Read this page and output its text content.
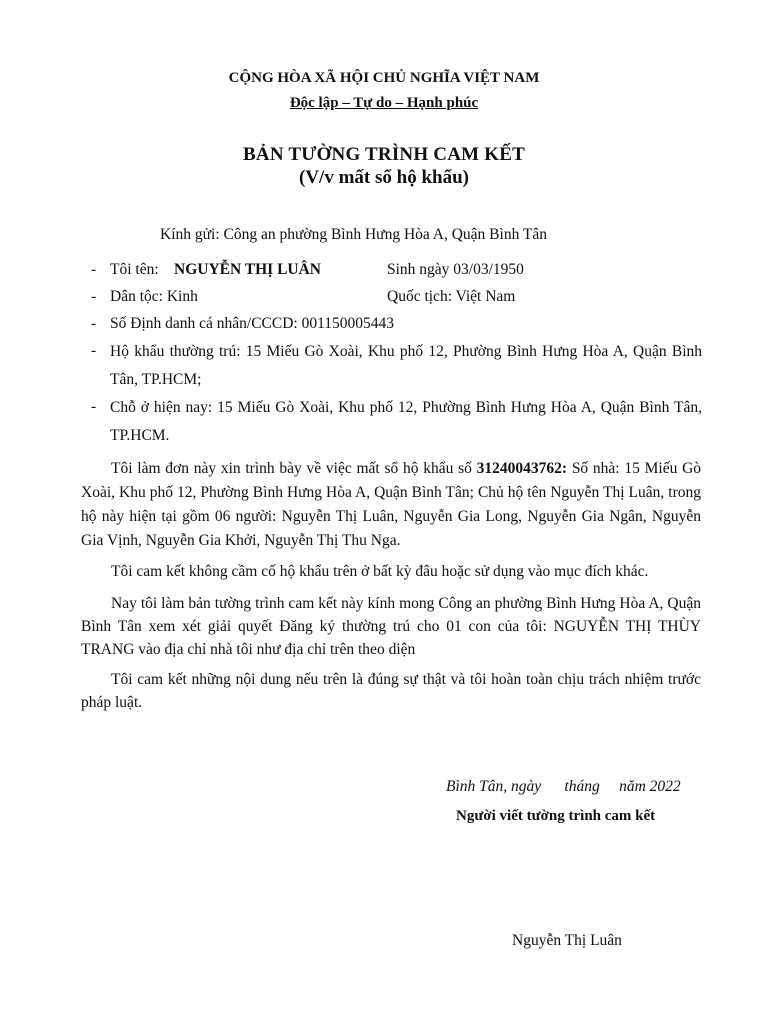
CỘNG HÒA XÃ HỘI CHỦ NGHĨA VIỆT NAM
Độc lập – Tự do – Hạnh phúc
BẢN TƯỜNG TRÌNH CAM KẾT
(V/v mất sổ hộ khẩu)
Kính gửi: Công an phường Bình Hưng Hòa A, Quận Bình Tân
- Tôi tên: NGUYỄN THỊ LUÂN	Sinh ngày 03/03/1950
- Dân tộc: Kinh	Quốc tịch: Việt Nam
- Số Định danh cá nhân/CCCD: 001150005443
- Hộ khẩu thường trú: 15 Miếu Gò Xoài, Khu phố 12, Phường Bình Hưng Hòa A, Quận Bình Tân, TP.HCM;
- Chỗ ở hiện nay: 15 Miếu Gò Xoài, Khu phố 12, Phường Bình Hưng Hòa A, Quận Bình Tân, TP.HCM.
Tôi làm đơn này xin trình bày về việc mất sổ hộ khẩu số 31240043762: Số nhà: 15 Miếu Gò Xoài, Khu phố 12, Phường Bình Hưng Hòa A, Quận Bình Tân; Chủ hộ tên Nguyễn Thị Luân, trong hộ này hiện tại gồm 06 người: Nguyễn Thị Luân, Nguyễn Gia Long, Nguyễn Gia Ngân, Nguyễn Gia Vịnh, Nguyễn Gia Khởi, Nguyễn Thị Thu Nga.
Tôi cam kết không cầm cố hộ khẩu trên ở bất kỳ đâu hoặc sử dụng vào mục đích khác.
Nay tôi làm bản tường trình cam kết này kính mong Công an phường Bình Hưng Hòa A, Quận Bình Tân xem xét giải quyết Đăng ký thường trú cho 01 con của tôi: NGUYỄN THỊ THÙY TRANG vào địa chỉ nhà tôi như địa chỉ trên theo diện
Tôi cam kết những nội dung nếu trên là đúng sự thật và tôi hoàn toàn chịu trách nhiệm trước pháp luật.
Bình Tân, ngày      tháng     năm 2022
Người viết tường trình cam kết
Nguyễn Thị Luân
